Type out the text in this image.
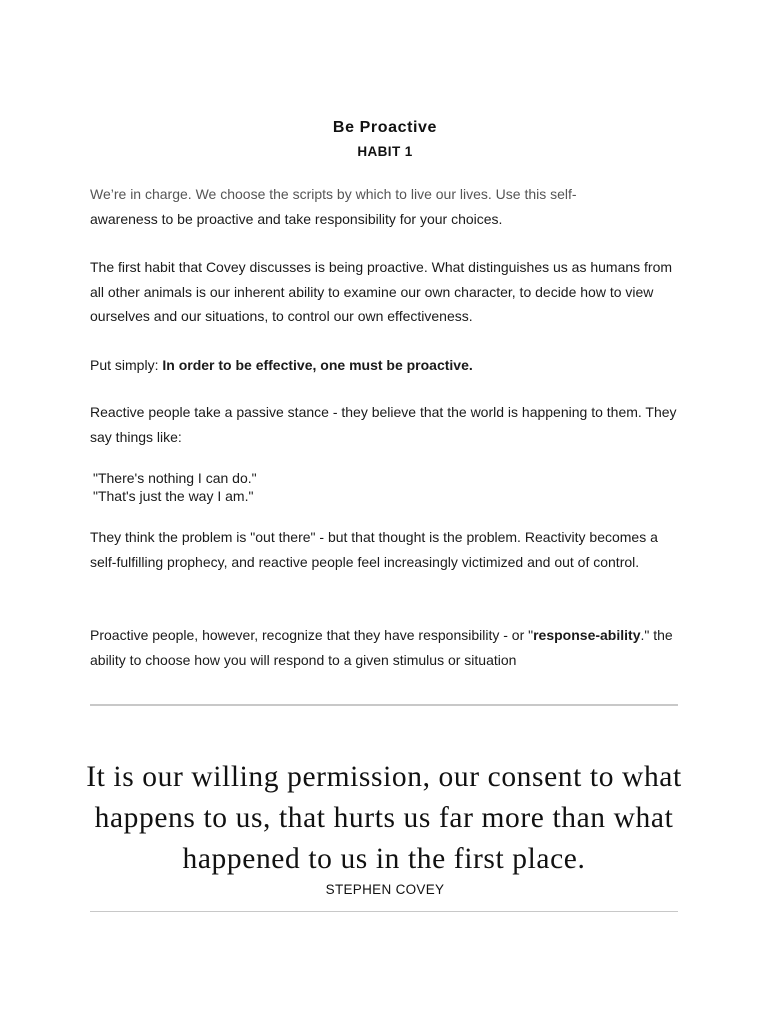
Be Proactive
HABIT 1

We’re in charge. We choose the scripts by which to live our lives. Use this self-
awareness to be proactive and take responsibility for your choices.

The first habit that Covey discusses is being proactive. What distinguishes us as humans from all other animals is our inherent ability to examine our own character, to decide how to view ourselves and our situations, to control our own effectiveness.

Put simply: In order to be effective, one must be proactive.

Reactive people take a passive stance - they believe that the world is happening to them. They say things like:

"There's nothing I can do."
"That's just the way I am."

They think the problem is "out there" - but that thought is the problem. Reactivity becomes a self-fulfilling prophecy, and reactive people feel increasingly victimized and out of control.

Proactive people, however, recognize that they have responsibility - or "response-ability." the ability to choose how you will respond to a given stimulus or situation

It is our willing permission, our consent to what happens to us, that hurts us far more than what happened to us in the first place.
STEPHEN COVEY
